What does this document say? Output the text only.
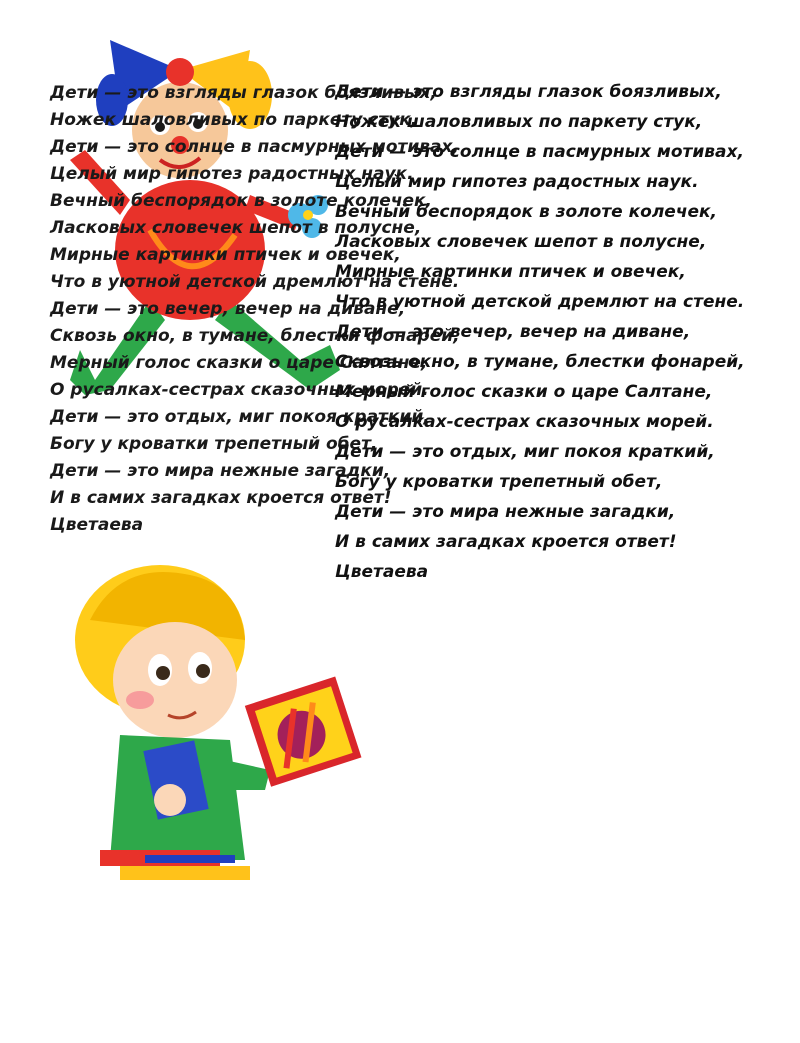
Дети — это взгляды глазок боязливых,
Ножек шаловливых по паркету стук,
Дети — это солнце в пасмурных мотивах,
Целый мир гипотез радостных наук.
Вечный беспорядок в золоте колечек,
Ласковых словечек шепот в полусне,
Мирные картинки птичек и овечек,
Что в уютной детской дремлют на стене.
Дети — это вечер, вечер на диване,
Сквозь окно, в тумане, блестки фонарей,
Мерный голос сказки о царе Салтане,
О русалках-сестрах сказочных морей.
Дети — это отдых, миг покоя краткий,
Богу у кроватки трепетный обет,
Дети — это мира нежные загадки,
И в самих загадках кроется ответ!
Цветаева
Дети — это взгляды глазок боязливых,
Ножек шаловливых по паркету стук,
Дети — это солнце в пасмурных мотивах,
Целый мир гипотез радостных наук.
Вечный беспорядок в золоте колечек,
Ласковых словечек шепот в полусне,
Мирные картинки птичек и овечек,
Что в уютной детской дремлют на стене.
Дети — это вечер, вечер на диване,
Сквозь окно, в тумане, блестки фонарей,
Мерный голос сказки о царе Салтане,
О русалках-сестрах сказочных морей.
Дети — это отдых, миг покоя краткий,
Богу у кроватки трепетный обет,
Дети — это мира нежные загадки,
И в самих загадках кроется ответ!
Цветаева
